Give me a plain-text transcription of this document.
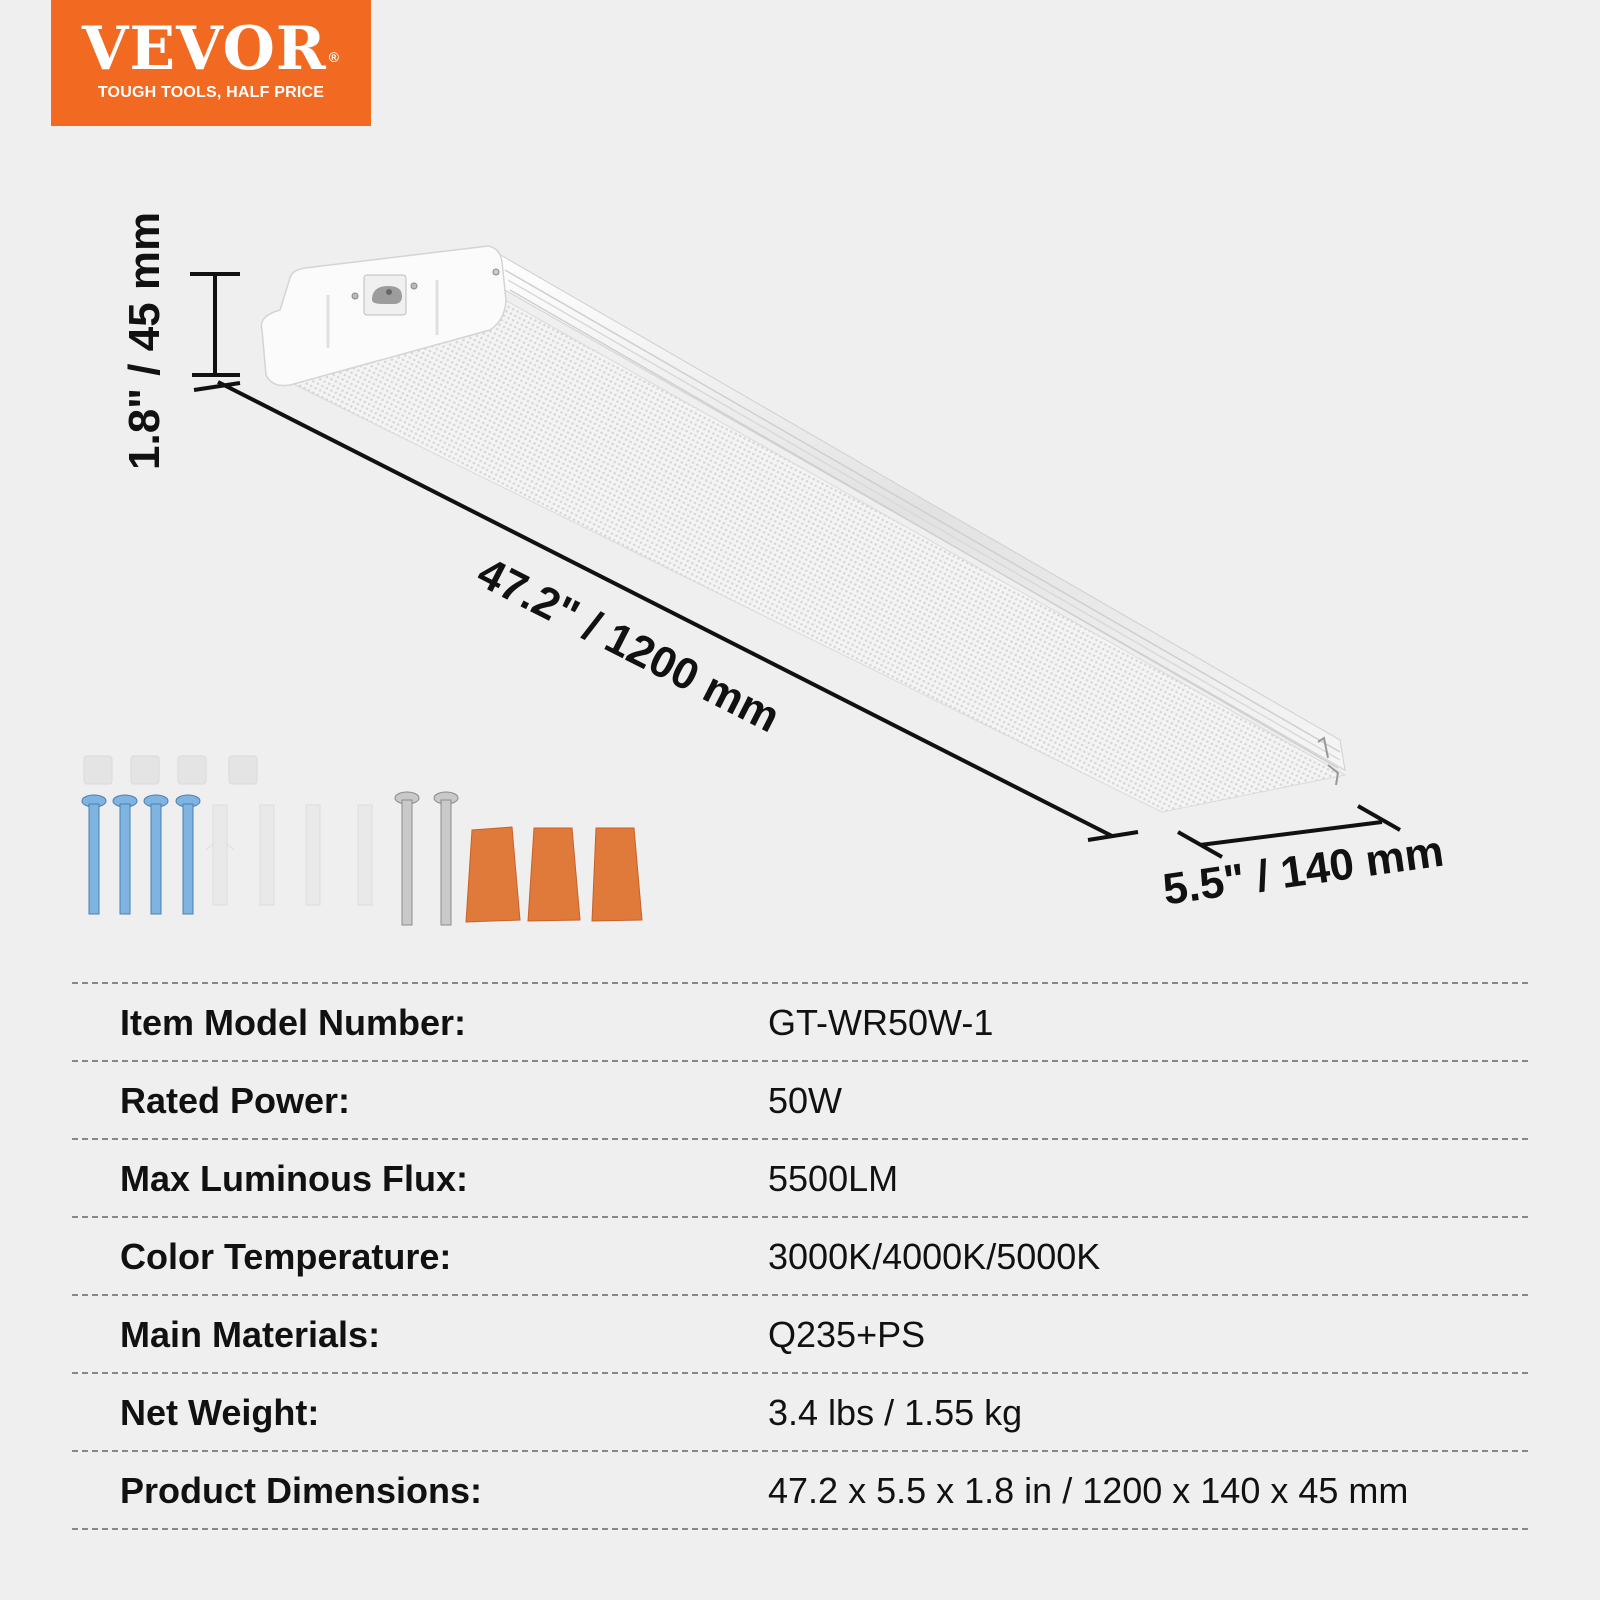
VEVOR ®
TOUGH TOOLS, HALF PRICE
1.8" / 45 mm
47.2" / 1200 mm
5.5" / 140 mm
Item Model Number:	GT-WR50W-1
Rated Power:	50W
Max Luminous Flux:	5500LM
Color Temperature:	3000K/4000K/5000K
Main Materials:	Q235+PS
Net Weight:	3.4 lbs / 1.55 kg
Product Dimensions:	47.2 x 5.5 x 1.8 in / 1200 x 140 x 45 mm
